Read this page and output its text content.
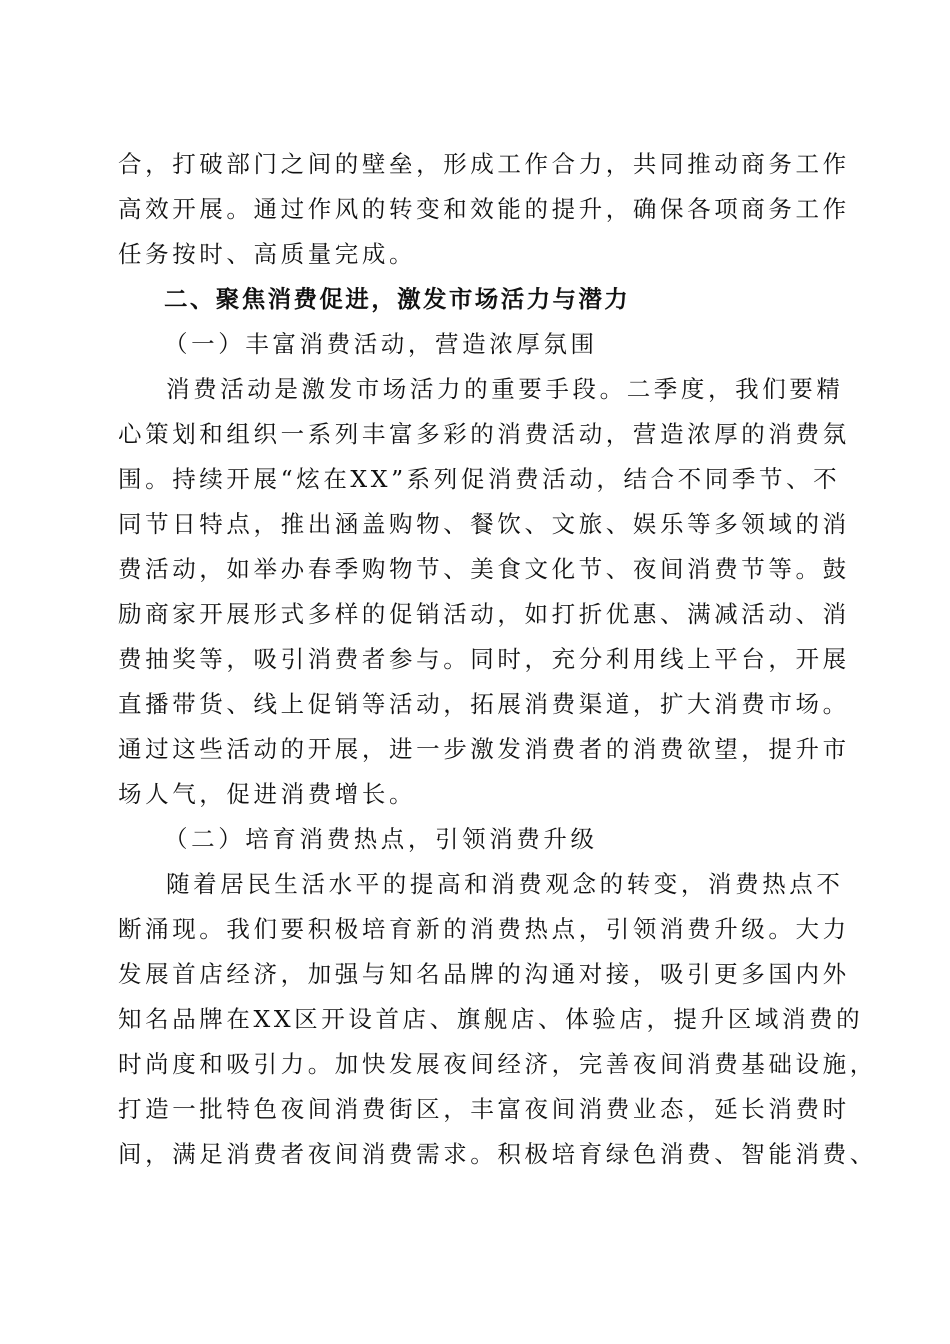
合，打破部门之间的壁垒，形成工作合力，共同推动商务工作
高效开展。通过作风的转变和效能的提升，确保各项商务工作
任务按时、高质量完成。
二、聚焦消费促进，激发市场活力与潜力
（一）丰富消费活动，营造浓厚氛围
消费活动是激发市场活力的重要手段。二季度，我们要精
心策划和组织一系列丰富多彩的消费活动，营造浓厚的消费氛
围。持续开展“炫在XX”系列促消费活动，结合不同季节、不
同节日特点，推出涵盖购物、餐饮、文旅、娱乐等多领域的消
费活动，如举办春季购物节、美食文化节、夜间消费节等。鼓
励商家开展形式多样的促销活动，如打折优惠、满减活动、消
费抽奖等，吸引消费者参与。同时，充分利用线上平台，开展
直播带货、线上促销等活动，拓展消费渠道，扩大消费市场。
通过这些活动的开展，进一步激发消费者的消费欲望，提升市
场人气，促进消费增长。
（二）培育消费热点，引领消费升级
随着居民生活水平的提高和消费观念的转变，消费热点不
断涌现。我们要积极培育新的消费热点，引领消费升级。大力
发展首店经济，加强与知名品牌的沟通对接，吸引更多国内外
知名品牌在XX区开设首店、旗舰店、体验店，提升区域消费的
时尚度和吸引力。加快发展夜间经济，完善夜间消费基础设施，
打造一批特色夜间消费街区，丰富夜间消费业态，延长消费时
间，满足消费者夜间消费需求。积极培育绿色消费、智能消费、
